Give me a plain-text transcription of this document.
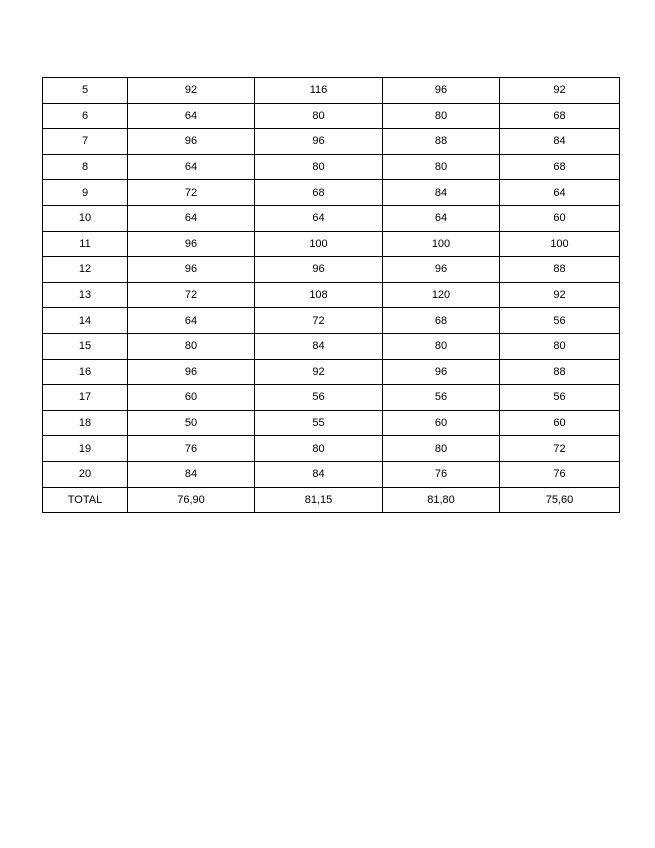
5	92	116	96	92
6	64	80	80	68
7	96	96	88	84
8	64	80	80	68
9	72	68	84	64
10	64	64	64	60
11	96	100	100	100
12	96	96	96	88
13	72	108	120	92
14	64	72	68	56
15	80	84	80	80
16	96	92	96	88
17	60	56	56	56
18	50	55	60	60
19	76	80	80	72
20	84	84	76	76
TOTAL	76,90	81,15	81,80	75,60
